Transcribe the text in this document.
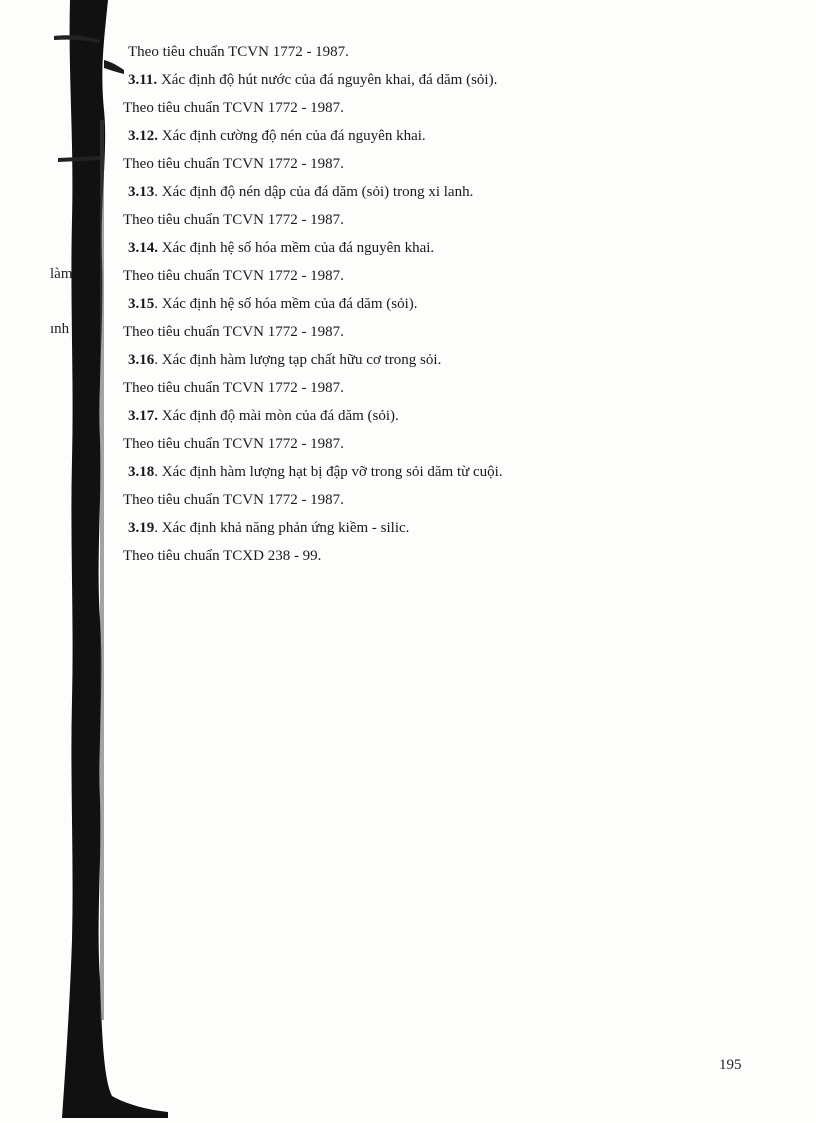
làm
ınh
Theo tiêu chuẩn TCVN 1772 - 1987.
3.11. Xác định độ hút nước của đá nguyên khai, đá dăm (sỏi).
Theo tiêu chuẩn TCVN 1772 - 1987.
3.12. Xác định cường độ nén của đá nguyên khai.
Theo tiêu chuẩn TCVN 1772 - 1987.
3.13. Xác định độ nén dập của đá dăm (sỏi) trong xi lanh.
Theo tiêu chuẩn TCVN 1772 - 1987.
3.14. Xác định hệ số hóa mềm của đá nguyên khai.
Theo tiêu chuẩn TCVN 1772 - 1987.
3.15. Xác định hệ số hóa mềm của đá dăm (sỏi).
Theo tiêu chuẩn TCVN 1772 - 1987.
3.16. Xác định hàm lượng tạp chất hữu cơ trong sỏi.
Theo tiêu chuẩn TCVN 1772 - 1987.
3.17. Xác định độ mài mòn của đá dăm (sỏi).
Theo tiêu chuẩn TCVN 1772 - 1987.
3.18. Xác định hàm lượng hạt bị đập vỡ trong sỏi dăm từ cuội.
Theo tiêu chuẩn TCVN 1772 - 1987.
3.19. Xác định khả năng phản ứng kiềm - silic.
Theo tiêu chuẩn TCXD 238 - 99.
195
